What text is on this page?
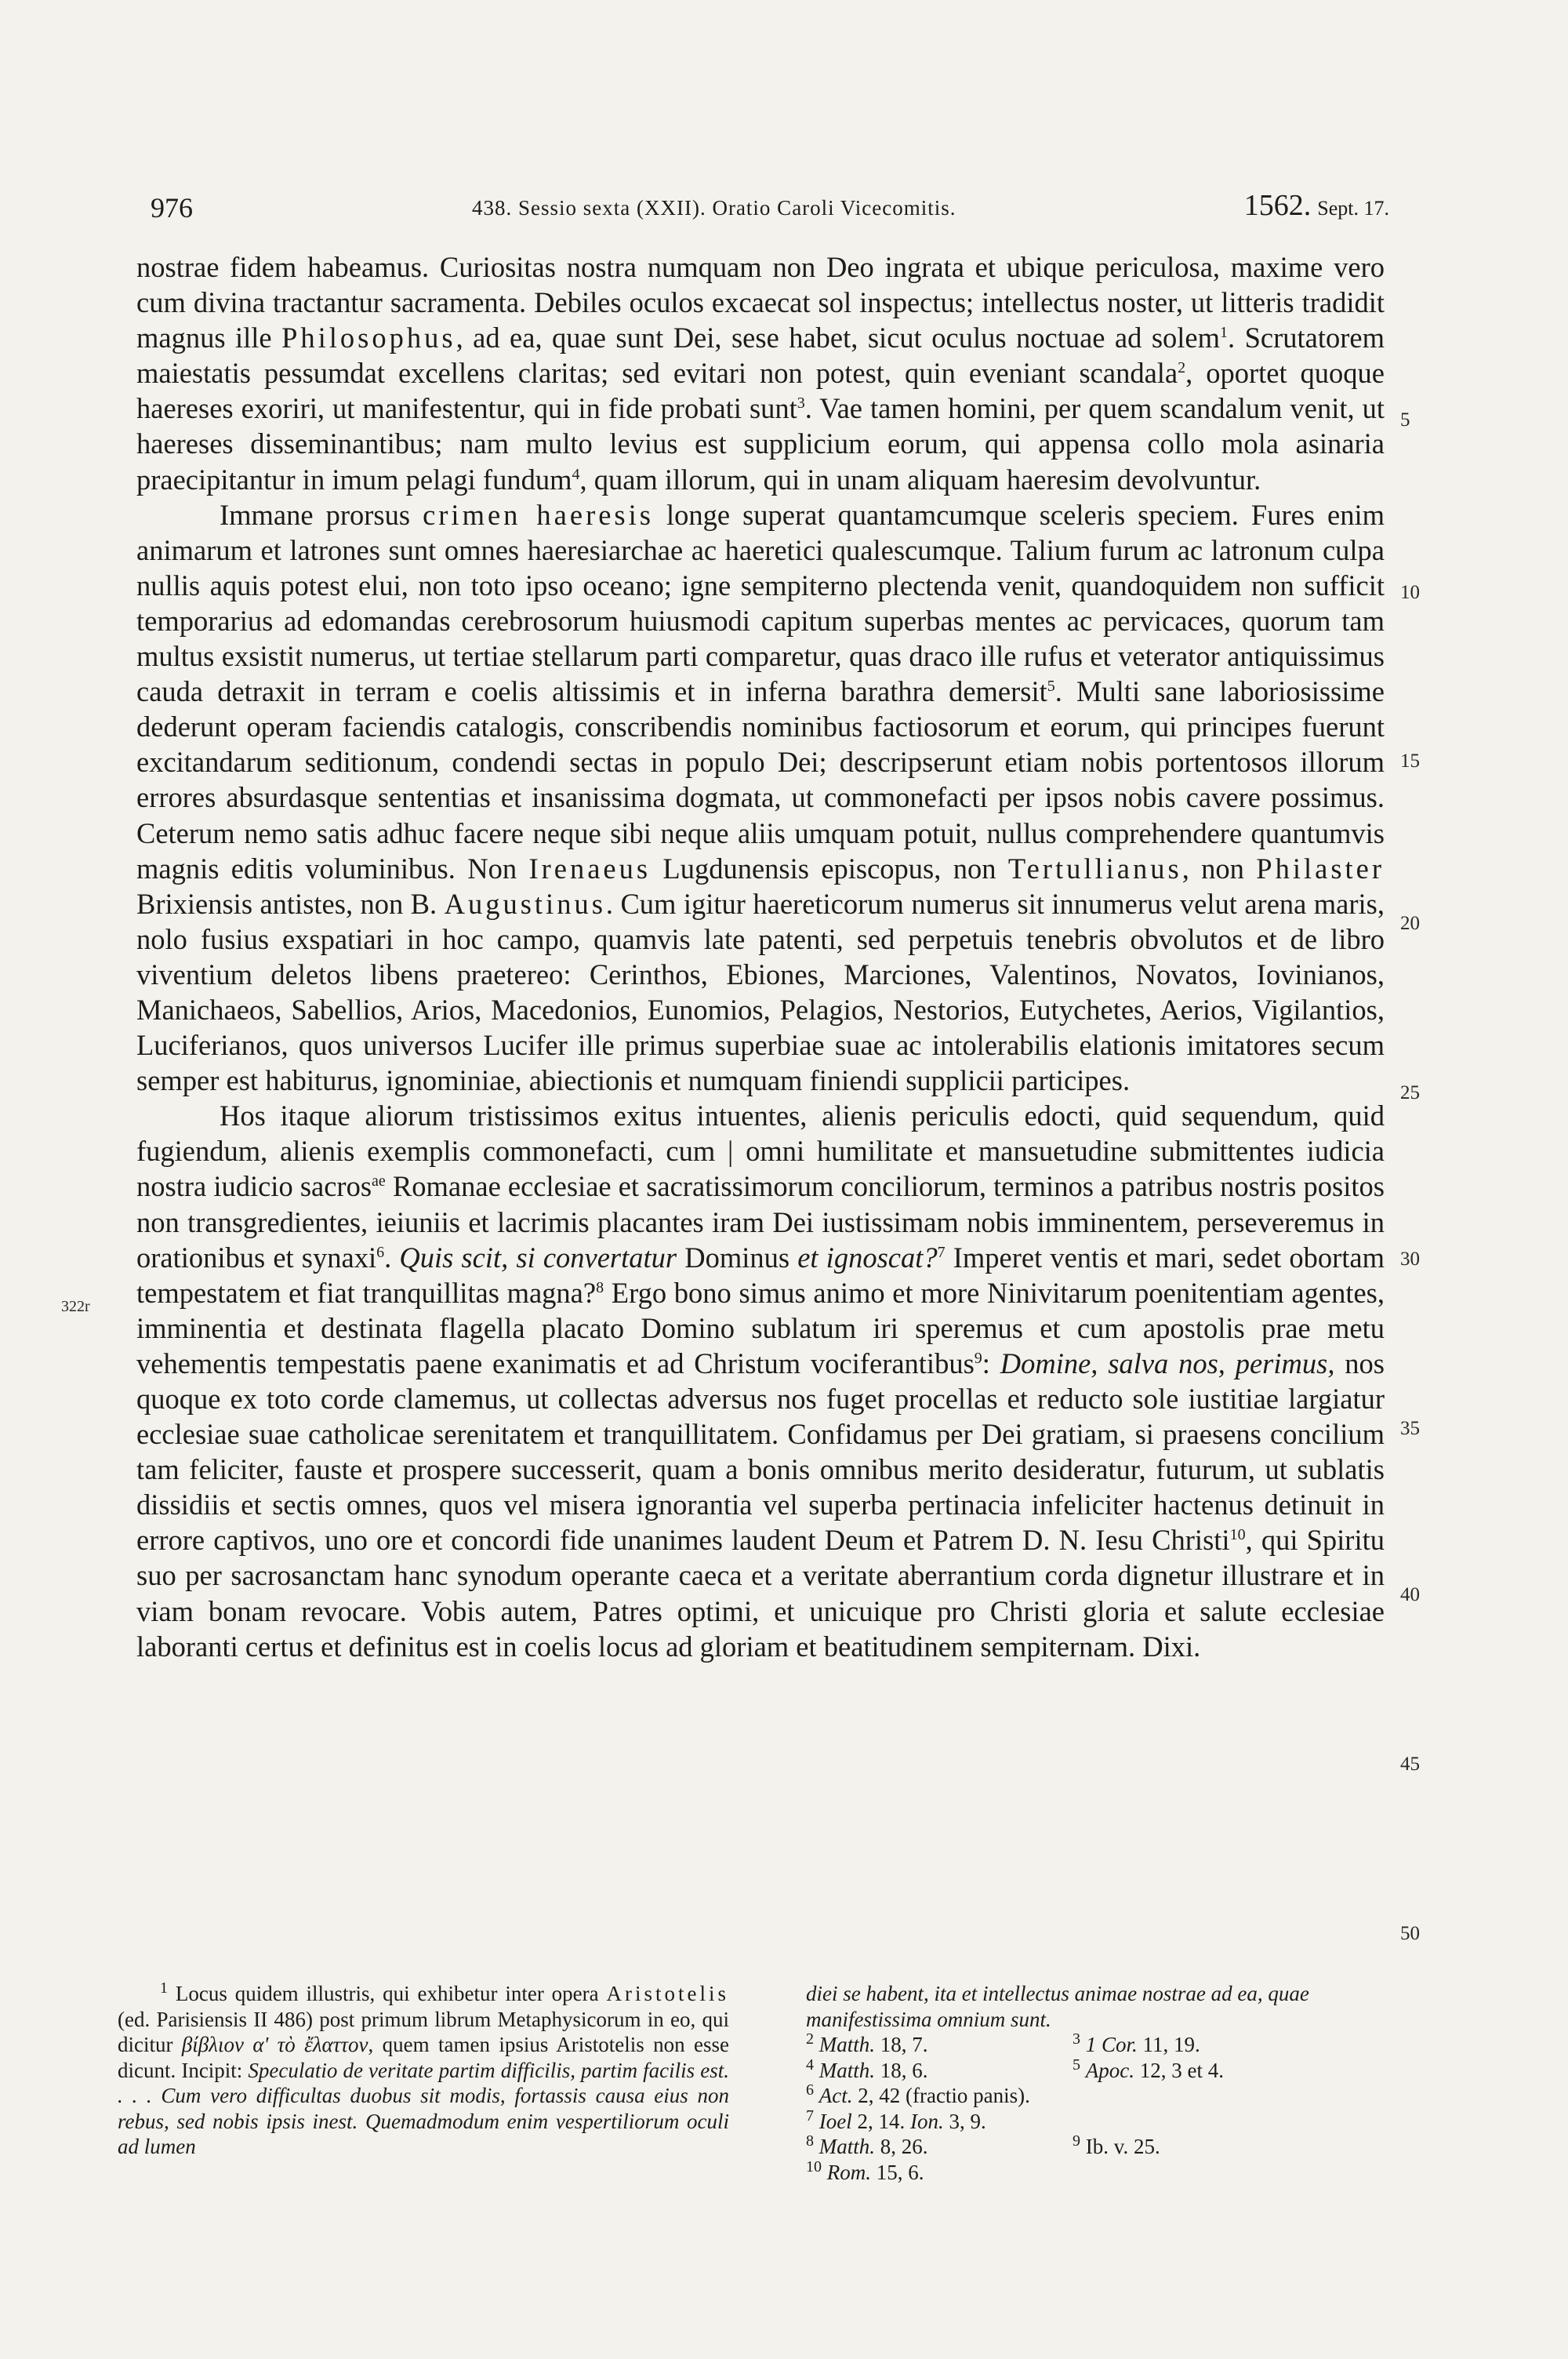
976	438. Sessio sexta (XXII). Oratio Caroli Vicecomitis.	1562. Sept. 17.

nostrae fidem habeamus. Curiositas nostra numquam non Deo ingrata et ubique periculosa, maxime vero cum divina tractantur sacramenta. Debiles oculos excaecat sol inspectus; intellectus noster, ut litteris tradidit magnus ille Philosophus, ad ea, quae sunt Dei, sese habet, sicut oculus noctuae ad solem$^1$. Scrutatorem maiestatis pessumdat excellens claritas; sed evitari non potest, quin eveniant scandala$^2$, oportet quoque haereses exoriri, ut manifestentur, qui in fide probati sunt$^3$. Vae tamen homini, per quem scandalum venit, ut haereses disseminantibus; nam multo levius est supplicium eorum, qui appensa collo mola asinaria praecipitantur in imum pelagi fundum$^4$, quam illorum, qui in unam aliquam haeresim devolvuntur.

Immane prorsus crimen haeresis longe superat quantamcumque sceleris speciem. Fures enim animarum et latrones sunt omnes haeresiarchae ac haeretici qualescumque. Talium furum ac latronum culpa nullis aquis potest elui, non toto ipso oceano; igne sempiterno plectenda venit, quandoquidem non sufficit temporarius ad edomandas cerebrosorum huiusmodi capitum superbas mentes ac pervicaces, quorum tam multus exsistit numerus, ut tertiae stellarum parti comparetur, quas draco ille rufus et veterator antiquissimus cauda detraxit in terram e coelis altissimis et in inferna barathra demersit$^5$. Multi sane laboriosissime dederunt operam faciendis catalogis, conscribendis nominibus factiosorum et eorum, qui principes fuerunt excitandarum seditionum, condendi sectas in populo Dei; descripserunt etiam nobis portentosos illorum errores absurdasque sententias et insanissima dogmata, ut commonefacti per ipsos nobis cavere possimus. Ceterum nemo satis adhuc facere neque sibi neque aliis umquam potuit, nullus comprehendere quantumvis magnis editis voluminibus. Non Irenaeus Lugdunensis episcopus, non Tertullianus, non Philaster Brixiensis antistes, non B. Augustinus. Cum igitur haereticorum numerus sit innumerus velut arena maris, nolo fusius exspatiari in hoc campo, quamvis late patenti, sed perpetuis tenebris obvolutos et de libro viventium deletos libens praetereo: Cerinthos, Ebiones, Marciones, Valentinos, Novatos, Iovinianos, Manichaeos, Sabellios, Arios, Macedonios, Eunomios, Pelagios, Nestorios, Eutychetes, Aerios, Vigilantios, Luciferianos, quos universos Lucifer ille primus superbiae suae ac intolerabilis elationis imitatores secum semper est habiturus, ignominiae, abiectionis et numquam finiendi supplicii participes.

Hos itaque aliorum tristissimos exitus intuentes, alienis periculis edocti, quid sequendum, quid fugiendum, alienis exemplis commonefacti, cum | omni humilitate et mansuetudine submittentes iudicia nostra iudicio sacros$^{ae}$ Romanae ecclesiae et sacratissimorum conciliorum, terminos a patribus nostris positos non transgredientes, ieiuniis et lacrimis placantes iram Dei iustissimam nobis imminentem, perseveremus in orationibus et synaxi$^6$. Quis scit, si convertatur Dominus et ignoscat?$^7$ Imperet ventis et mari, sedet obortam tempestatem et fiat tranquillitas magna?$^8$ Ergo bono simus animo et more Ninivitarum poenitentiam agentes, imminentia et destinata flagella placato Domino sublatum iri speremus et cum apostolis prae metu vehementis tempestatis paene exanimatis et ad Christum vociferantibus$^9$: Domine, salva nos, perimus, nos quoque ex toto corde clamemus, ut collectas adversus nos fuget procellas et reducto sole iustitiae largiatur ecclesiae suae catholicae serenitatem et tranquillitatem. Confidamus per Dei gratiam, si praesens concilium tam feliciter, fauste et prospere successerit, quam a bonis omnibus merito desideratur, futurum, ut sublatis dissidiis et sectis omnes, quos vel misera ignorantia vel superba pertinacia infeliciter hactenus detinuit in errore captivos, uno ore et concordi fide unanimes laudent Deum et Patrem D. N. Iesu Christi$^{10}$, qui Spiritu suo per sacrosanctam hanc synodum operante caeca et a veritate aberrantium corda dignetur illustrare et in viam bonam revocare. Vobis autem, Patres optimi, et unicuique pro Christi gloria et salute ecclesiae laboranti certus et definitus est in coelis locus ad gloriam et beatitudinem sempiternam. Dixi.

5
10
15
20
25
30
35
40
45
50
322r

$^1$ Locus quidem illustris, qui exhibetur inter opera Aristotelis (ed. Parisiensis II 486) post primum librum Metaphysicorum in eo, qui dicitur βίβλιον α' τὸ ἔλαττον, quem tamen ipsius Aristotelis non esse dicunt. Incipit: Speculatio de veritate partim difficilis, partim facilis est. . . . Cum vero difficultas duobus sit modis, fortassis causa eius non rebus, sed nobis ipsis inest. Quemadmodum enim vespertiliorum oculi ad lumen

diei se habent, ita et intellectus animae nostrae ad ea, quae manifestissima omnium sunt.

$^2$ Matth. 18, 7.	$^3$ 1 Cor. 11, 19.
$^4$ Matth. 18, 6.	$^5$ Apoc. 12, 3 et 4.
$^6$ Act. 2, 42 (fractio panis).
$^7$ Ioel 2, 14. Ion. 3, 9.
$^8$ Matth. 8, 26.	$^9$ Ib. v. 25.
$^{10}$ Rom. 15, 6.
